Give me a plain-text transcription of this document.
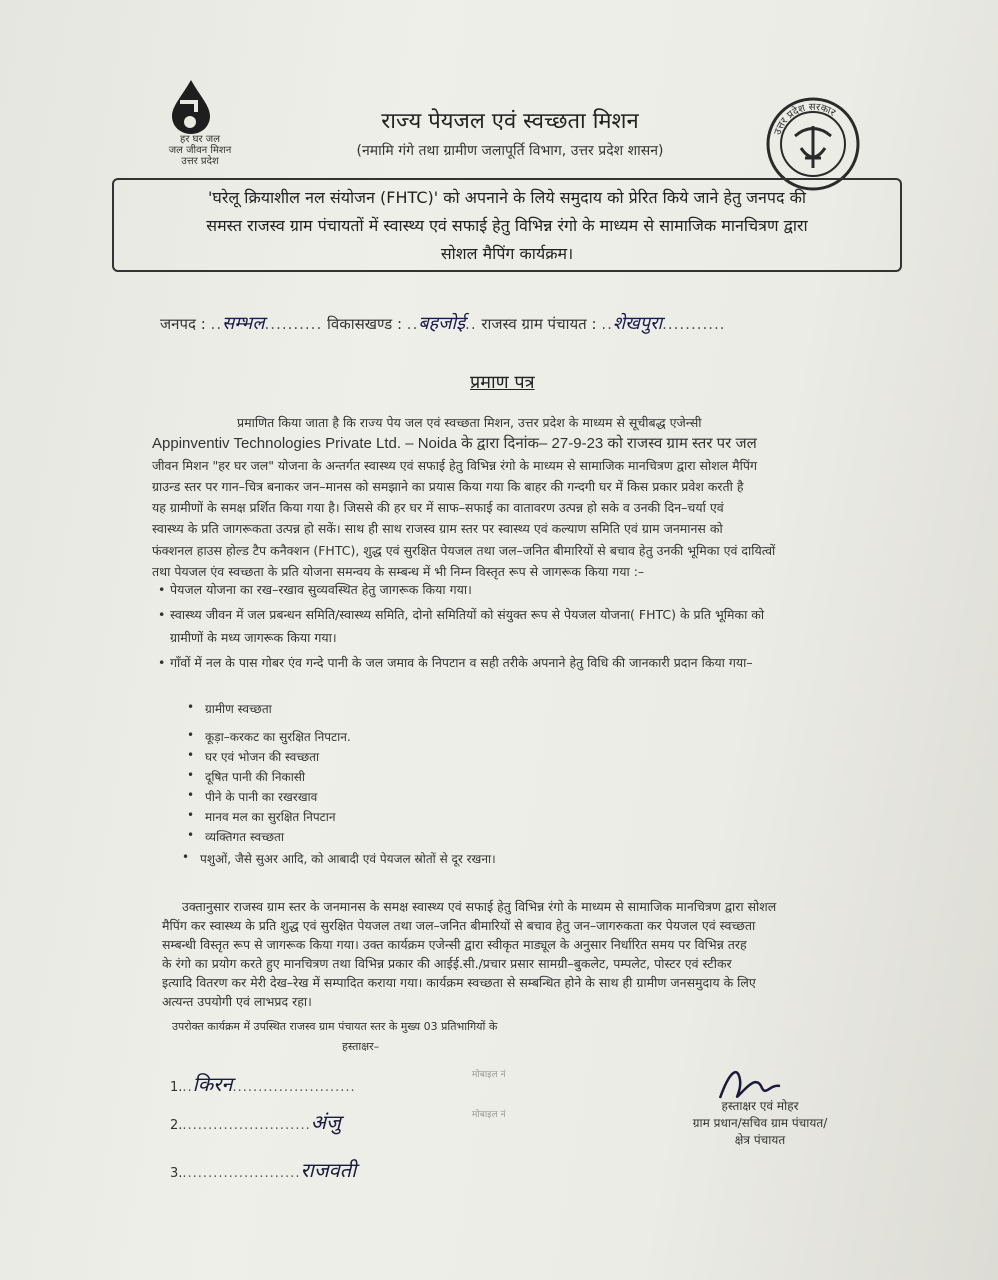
हर घर जल
जल जीवन मिशन
उत्तर प्रदेश
राज्य पेयजल एवं स्वच्छता मिशन
(नमामि गंगे तथा ग्रामीण जलापूर्ति विभाग, उत्तर प्रदेश शासन)
उत्तर प्रदेश सरकार
'घरेलू क्रियाशील नल संयोजन (FHTC)' को अपनाने के लिये समुदाय को प्रेरित किये जाने हेतु जनपद की
समस्त राजस्व ग्राम पंचायतों में स्वास्थ्य एवं सफाई हेतु विभिन्न रंगो के माध्यम से सामाजिक मानचित्रण द्वारा
सोशल मैपिंग कार्यक्रम।
जनपद : ..सम्भल.......... विकासखण्ड : ..बहजोई.. राजस्व ग्राम पंचायत : ..शेखपुरा...........
प्रमाण पत्र
प्रमाणित किया जाता है कि राज्य पेय जल एवं स्वच्छता मिशन, उत्तर प्रदेश के माध्यम से सूचीबद्ध एजेन्सी
Appinventiv Technologies Private Ltd. – Noida के द्वारा दिनांक– 27-9-23 को राजस्व ग्राम स्तर पर जल
जीवन मिशन "हर घर जल" योजना के अन्तर्गत स्वास्थ्य एवं सफाई हेतु विभिन्न रंगो के माध्यम से सामाजिक मानचित्रण द्वारा सोशल मैपिंग
ग्राउन्ड स्तर पर गान–चित्र बनाकर जन–मानस को समझाने का प्रयास किया गया कि बाहर की गन्दगी घर में किस प्रकार प्रवेश करती है
यह ग्रामीणों के समक्ष प्रर्शित किया गया है। जिससे की हर घर में साफ–सफाई का वातावरण उत्पन्न हो सके व उनकी दिन–चर्या एवं
स्वास्थ्य के प्रति जागरूकता उत्पन्न हो सकें। साथ ही साथ राजस्व ग्राम स्तर पर स्वास्थ्य एवं कल्याण समिति एवं ग्राम जनमानस को
फंक्शनल हाउस होल्ड टैप कनैक्शन (FHTC), शुद्ध एवं सुरक्षित पेयजल तथा जल–जनित बीमारियों से बचाव हेतु उनकी भूमिका एवं दायित्वों
तथा पेयजल एंव स्वच्छता के प्रति योजना समन्वय के सम्बन्ध में भी निम्न विस्तृत रूप से जागरूक किया गया :–
• पेयजल योजना का रख–रखाव सुव्यवस्थित हेतु जागरूक किया गया।
• स्वास्थ्य जीवन में जल प्रबन्धन समिति/स्वास्थ्य समिति, दोनो समितियों को संयुक्त रूप से पेयजल योजना( FHTC) के प्रति भूमिका को
ग्रामीणों के मध्य जागरूक किया गया।
• गाँवों में नल के पास गोबर एंव गन्दे पानी के जल जमाव के निपटान व सही तरीके अपनाने हेतु विधि की जानकारी प्रदान किया गया–
• ग्रामीण स्वच्छता
• कूड़ा–करकट का सुरक्षित निपटान.
• घर एवं भोजन की स्वच्छता
• दूषित पानी की निकासी
• पीने के पानी का रखरखाव
• मानव मल का सुरक्षित निपटान
• व्यक्तिगत स्वच्छता
• पशुओं, जैसे सुअर आदि, को आबादी एवं पेयजल स्रोतों से दूर रखना।
उक्तानुसार राजस्व ग्राम स्तर के जनमानस के समक्ष स्वास्थ्य एवं सफाई हेतु विभिन्न रंगो के माध्यम से सामाजिक मानचित्रण द्वारा सोशल
मैपिंग कर स्वास्थ्य के प्रति शुद्ध एवं सुरक्षित पेयजल तथा जल–जनित बीमारियों से बचाव हेतु जन–जागरुकता कर पेयजल एवं स्वच्छता
सम्बन्धी विस्तृत रूप से जागरूक किया गया। उक्त कार्यक्रम एजेन्सी द्वारा स्वीकृत माड्यूल के अनुसार निर्धारित समय पर विभिन्न तरह
के रंगो का प्रयोग करते हुए मानचित्रण तथा विभिन्न प्रकार की आईई.सी./प्रचार प्रसार सामग्री–बुकलेट, पम्पलेट, पोस्टर एवं स्टीकर
इत्यादि वितरण कर मेरी देख–रेख में सम्पादित कराया गया। कार्यक्रम स्वच्छता से सम्बन्धित होने के साथ ही ग्रामीण जनसमुदाय के लिए
अत्यन्त उपयोगी एवं लाभप्रद रहा।
उपरोक्त कार्यक्रम में उपस्थित राजस्व ग्राम पंचायत स्तर के मुख्य 03 प्रतिभागियों के
हस्ताक्षर–
1...किरन........................
2..........................अंजु
3........................राजवती
मोबाइल नं
मोबाइल नं
हस्ताक्षर एवं मोहर
ग्राम प्रधान/सचिव ग्राम पंचायत/
क्षेत्र पंचायत
